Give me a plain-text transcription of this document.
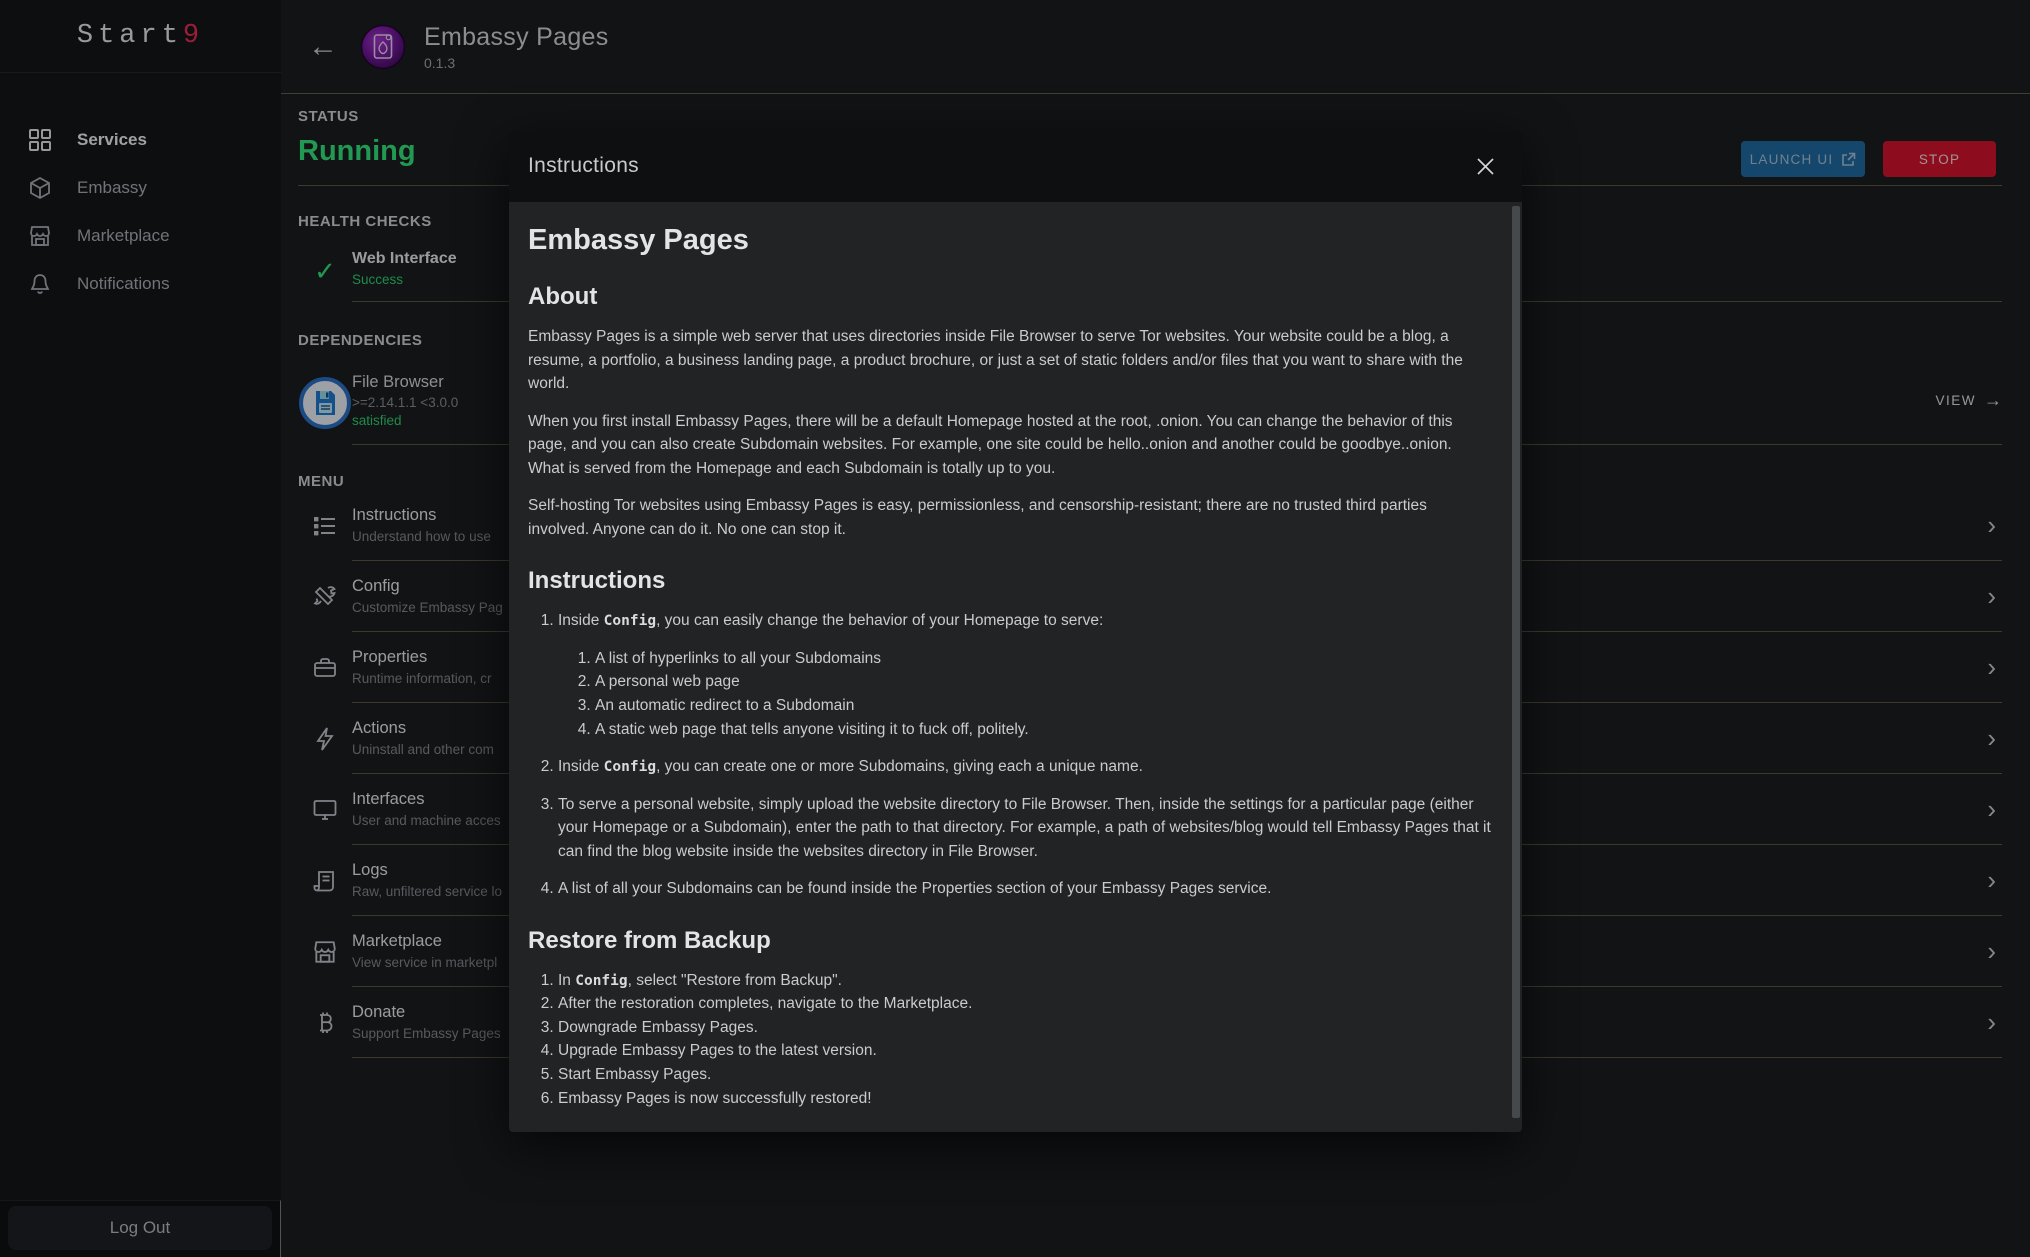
Start 9
Services
Embassy
Marketplace
Notifications
Log Out
←	Embassy Pages
0.1.3
LAUNCH UI	STOP
STATUS
Running
HEALTH CHECKS
✓	Web Interface
Success
DEPENDENCIES
File Browser
>=2.14.1.1 <3.0.0
satisfied
VIEW →
MENU
Instructions
Understand how to use	›
Config
Customize Embassy Pag	›
Properties
Runtime information, cr	›
Actions
Uninstall and other com	›
Interfaces
User and machine acces	›
Logs
Raw, unfiltered service lo	›
Marketplace
View service in marketpl	›
Donate
Support Embassy Pages	›
Instructions
Embassy Pages
About

Embassy Pages is a simple web server that uses directories inside File Browser to serve Tor websites. Your website could be a blog, a resume, a portfolio, a business landing page, a product brochure, or just a set of static folders and/or files that you want to share with the world.

When you first install Embassy Pages, there will be a default Homepage hosted at the root, .onion. You can change the behavior of this page, and you can also create Subdomain websites. For example, one site could be hello..onion and another could be goodbye..onion. What is served from the Homepage and each Subdomain is totally up to you.

Self-hosting Tor websites using Embassy Pages is easy, permissionless, and censorship-resistant; there are no trusted third parties involved. Anyone can do it. No one can stop it.

Instructions
1. Inside Config, you can easily change the behavior of your Homepage to serve:
1. A list of hyperlinks to all your Subdomains
2. A personal web page
3. An automatic redirect to a Subdomain
4. A static web page that tells anyone visiting it to fuck off, politely.
2. Inside Config, you can create one or more Subdomains, giving each a unique name.
3. To serve a personal website, simply upload the website directory to File Browser. Then, inside the settings for a particular page (either your Homepage or a Subdomain), enter the path to that directory. For example, a path of websites/blog would tell Embassy Pages that it can find the blog website inside the websites directory in File Browser.
4. A list of all your Subdomains can be found inside the Properties section of your Embassy Pages service.
Restore from Backup
1. In Config, select "Restore from Backup".
2. After the restoration completes, navigate to the Marketplace.
3. Downgrade Embassy Pages.
4. Upgrade Embassy Pages to the latest version.
5. Start Embassy Pages.
6. Embassy Pages is now successfully restored!
